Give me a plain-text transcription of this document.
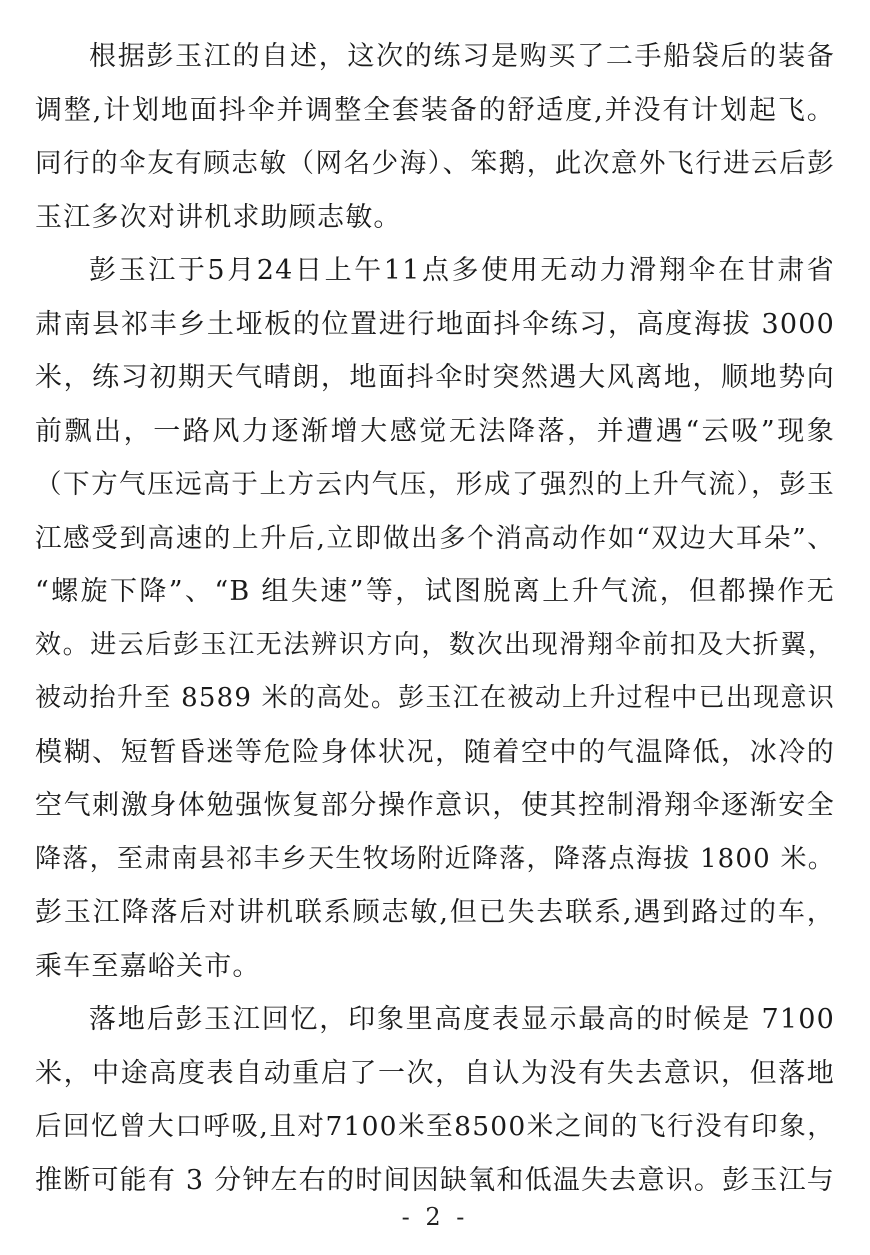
根据彭玉江的自述，这次的练习是购买了二手船袋后的装备
调整,计划地面抖伞并调整全套装备的舒适度,并没有计划起飞。
同行的伞友有顾志敏（网名少海）、笨鹅，此次意外飞行进云后彭
玉江多次对讲机求助顾志敏。
彭玉江于5月24日上午11点多使用无动力滑翔伞在甘肃省
肃南县祁丰乡土垭板的位置进行地面抖伞练习，高度海拔 3000
米，练习初期天气晴朗，地面抖伞时突然遇大风离地，顺地势向
前飘出，一路风力逐渐增大感觉无法降落，并遭遇“云吸”现象
（下方气压远高于上方云内气压，形成了强烈的上升气流），彭玉
江感受到高速的上升后,立即做出多个消高动作如“双边大耳朵”、
“螺旋下降”、“B 组失速”等，试图脱离上升气流，但都操作无
效。进云后彭玉江无法辨识方向，数次出现滑翔伞前扣及大折翼，
被动抬升至 8589 米的高处。彭玉江在被动上升过程中已出现意识
模糊、短暂昏迷等危险身体状况，随着空中的气温降低，冰冷的
空气刺激身体勉强恢复部分操作意识，使其控制滑翔伞逐渐安全
降落，至肃南县祁丰乡天生牧场附近降落，降落点海拔 1800 米。
彭玉江降落后对讲机联系顾志敏,但已失去联系,遇到路过的车，
乘车至嘉峪关市。
落地后彭玉江回忆，印象里高度表显示最高的时候是 7100
米，中途高度表自动重启了一次，自认为没有失去意识，但落地
后回忆曾大口呼吸,且对7100米至8500米之间的飞行没有印象，
推断可能有 3 分钟左右的时间因缺氧和低温失去意识。彭玉江与
- 2 -
